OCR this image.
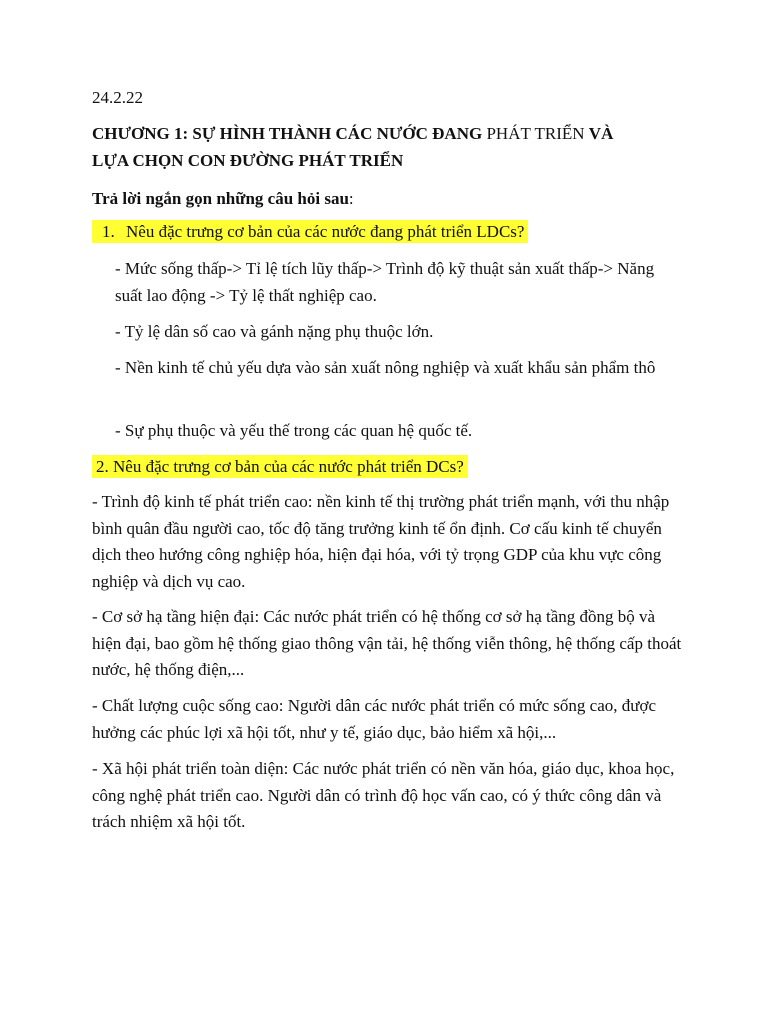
24.2.22
CHƯƠNG 1: SỰ HÌNH THÀNH CÁC NƯỚC ĐANG PHÁT TRIỂN VÀ
LỰA CHỌN CON ĐƯỜNG PHÁT TRIỂN
Trả lời ngắn gọn những câu hỏi sau:
1. Nêu đặc trưng cơ bản của các nước đang phát triển LDCs?
- Mức sống thấp-> Tỉ lệ tích lũy thấp-> Trình độ kỹ thuật sản xuất thấp-> Năng suất lao động -> Tỷ lệ thất nghiệp cao.
- Tỷ lệ dân số cao và gánh nặng phụ thuộc lớn.
- Nền kinh tế chủ yếu dựa vào sản xuất nông nghiệp và xuất khẩu sản phẩm thô
- Sự phụ thuộc và yếu thế trong các quan hệ quốc tế.
2. Nêu đặc trưng cơ bản của các nước phát triển DCs?
- Trình độ kinh tế phát triển cao: nền kinh tế thị trường phát triển mạnh, với thu nhập bình quân đầu người cao, tốc độ tăng trưởng kinh tế ổn định. Cơ cấu kinh tế chuyển dịch theo hướng công nghiệp hóa, hiện đại hóa, với tỷ trọng GDP của khu vực công nghiệp và dịch vụ cao.
- Cơ sở hạ tầng hiện đại: Các nước phát triển có hệ thống cơ sở hạ tầng đồng bộ và hiện đại, bao gồm hệ thống giao thông vận tải, hệ thống viễn thông, hệ thống cấp thoát nước, hệ thống điện,...
- Chất lượng cuộc sống cao: Người dân các nước phát triển có mức sống cao, được hưởng các phúc lợi xã hội tốt, như y tế, giáo dục, bảo hiểm xã hội,...
- Xã hội phát triển toàn diện: Các nước phát triển có nền văn hóa, giáo dục, khoa học, công nghệ phát triển cao. Người dân có trình độ học vấn cao, có ý thức công dân và trách nhiệm xã hội tốt.
